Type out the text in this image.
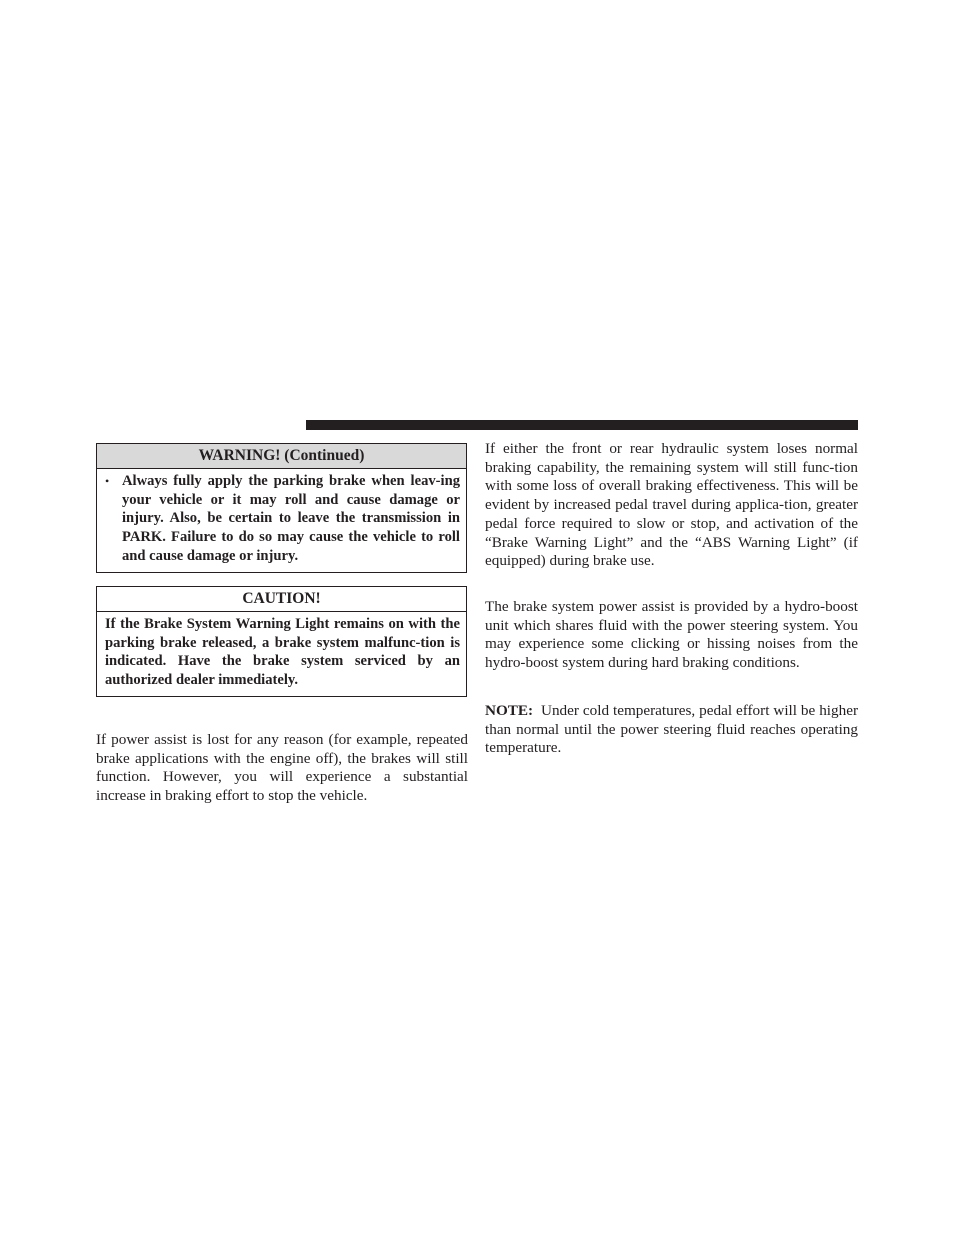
WARNING! (Continued)
• Always fully apply the parking brake when leav-ing your vehicle or it may roll and cause damage or injury. Also, be certain to leave the transmission in PARK. Failure to do so may cause the vehicle to roll and cause damage or injury.
CAUTION!
If the Brake System Warning Light remains on with the parking brake released, a brake system malfunc-tion is indicated. Have the brake system serviced by an authorized dealer immediately.

If power assist is lost for any reason (for example, repeated brake applications with the engine off), the brakes will still function. However, you will experience a substantial increase in braking effort to stop the vehicle.

If either the front or rear hydraulic system loses normal braking capability, the remaining system will still func-tion with some loss of overall braking effectiveness. This will be evident by increased pedal travel during applica-tion, greater pedal force required to slow or stop, and activation of the “Brake Warning Light” and the “ABS Warning Light” (if equipped) during brake use.

The brake system power assist is provided by a hydro-boost unit which shares fluid with the power steering system. You may experience some clicking or hissing noises from the hydro-boost system during hard braking conditions.

NOTE: Under cold temperatures, pedal effort will be higher than normal until the power steering fluid reaches operating temperature.
